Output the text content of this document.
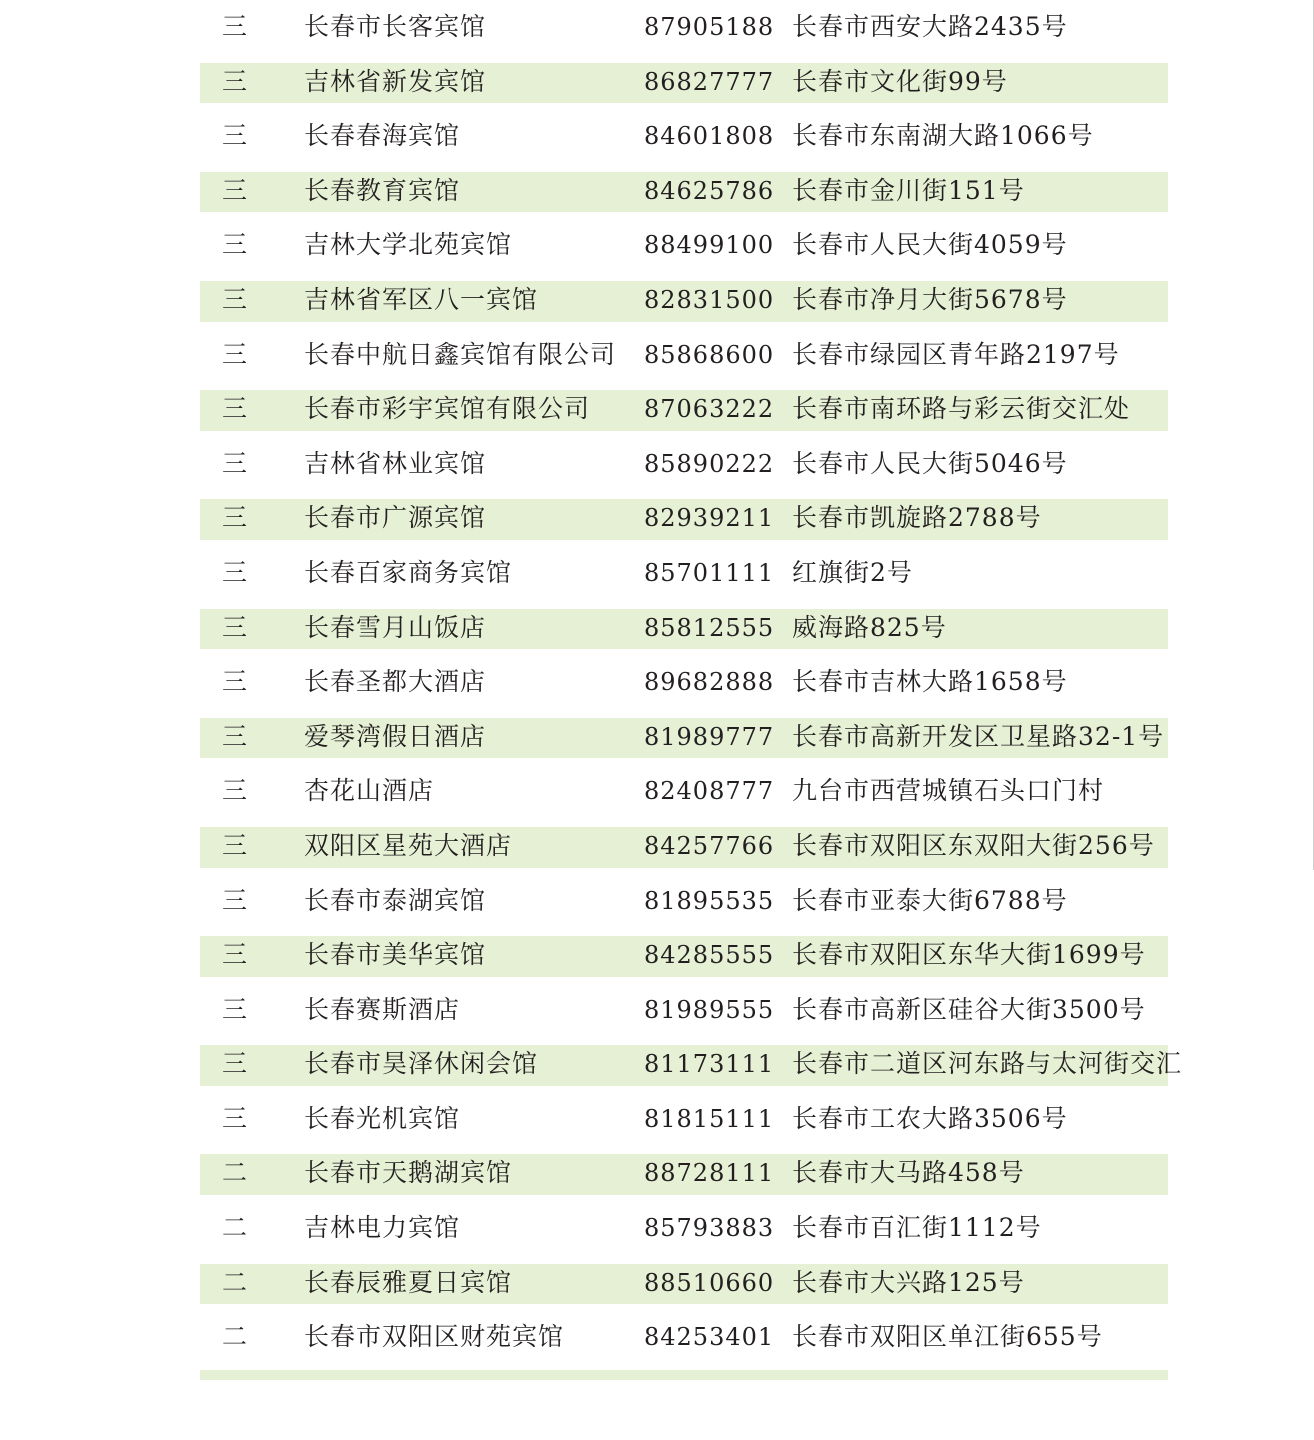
三 长春市长客宾馆	87905188 长春市西安大路2435号
三 吉林省新发宾馆	86827777 长春市文化街99号
三 长春春海宾馆	84601808 长春市东南湖大路1066号
三 长春教育宾馆	84625786 长春市金川街151号
三 吉林大学北苑宾馆	88499100 长春市人民大街4059号
三 吉林省军区八一宾馆	82831500 长春市净月大街5678号
三 长春中航日鑫宾馆有限公司 85868600 长春市绿园区青年路2197号
三 长春市彩宇宾馆有限公司 87063222 长春市南环路与彩云街交汇处
三 吉林省林业宾馆	85890222 长春市人民大街5046号
三 长春市广源宾馆	82939211 长春市凯旋路2788号
三 长春百家商务宾馆	85701111 红旗街2号
三 长春雪月山饭店	85812555 威海路825号
三 长春圣都大酒店	89682888 长春市吉林大路1658号
三 爱琴湾假日酒店	81989777 长春市高新开发区卫星路32-1号
三 杏花山酒店	82408777 九台市西营城镇石头口门村
三 双阳区星苑大酒店	84257766 长春市双阳区东双阳大街256号
三 长春市泰湖宾馆	81895535 长春市亚泰大街6788号
三 长春市美华宾馆	84285555 长春市双阳区东华大街1699号
三 长春赛斯酒店	81989555 长春市高新区硅谷大街3500号
三 长春市昊泽休闲会馆	81173111 长春市二道区河东路与太河街交汇
三 长春光机宾馆	81815111 长春市工农大路3506号
二 长春市天鹅湖宾馆	88728111 长春市大马路458号
二 吉林电力宾馆	85793883 长春市百汇街1112号
二 长春辰雅夏日宾馆	88510660 长春市大兴路125号
二 长春市双阳区财苑宾馆	84253401 长春市双阳区单江街655号
